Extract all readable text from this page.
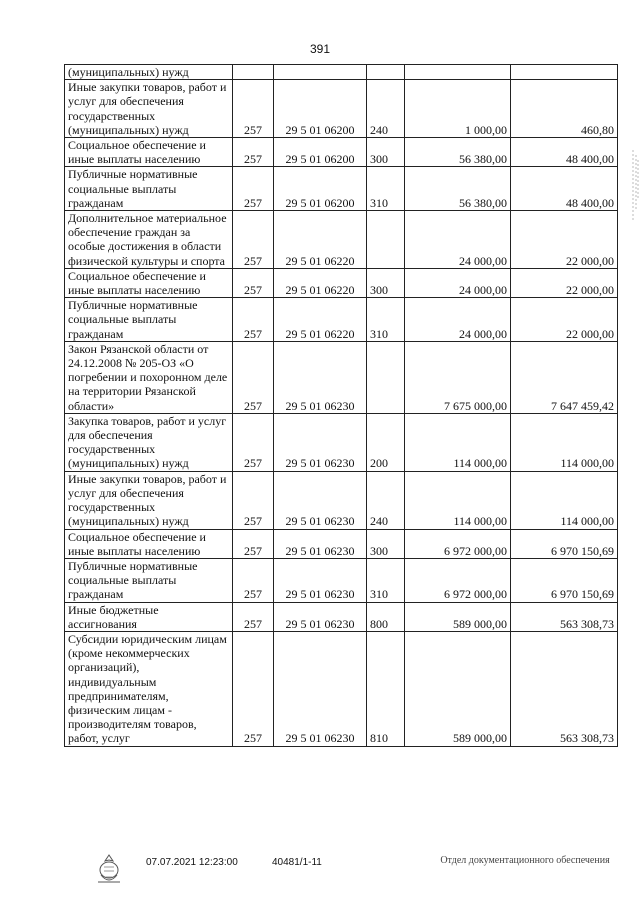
391
(муниципальных) нужд					
Иные закупки товаров, работ и услуг для обеспечения государственных (муниципальных) нужд	257	29 5 01 06200	240	1 000,00	460,80
Социальное обеспечение и иные выплаты населению	257	29 5 01 06200	300	56 380,00	48 400,00
Публичные нормативные социальные выплаты гражданам	257	29 5 01 06200	310	56 380,00	48 400,00
Дополнительное материальное обеспечение граждан за особые достижения в области физической культуры и спорта	257	29 5 01 06220		24 000,00	22 000,00
Социальное обеспечение и иные выплаты населению	257	29 5 01 06220	300	24 000,00	22 000,00
Публичные нормативные социальные выплаты гражданам	257	29 5 01 06220	310	24 000,00	22 000,00
Закон Рязанской области от 24.12.2008 № 205-ОЗ «О погребении и похоронном деле на территории Рязанской области»	257	29 5 01 06230		7 675 000,00	7 647 459,42
Закупка товаров, работ и услуг для обеспечения государственных (муниципальных) нужд	257	29 5 01 06230	200	114 000,00	114 000,00
Иные закупки товаров, работ и услуг для обеспечения государственных (муниципальных) нужд	257	29 5 01 06230	240	114 000,00	114 000,00
Социальное обеспечение и иные выплаты населению	257	29 5 01 06230	300	6 972 000,00	6 970 150,69
Публичные нормативные социальные выплаты гражданам	257	29 5 01 06230	310	6 972 000,00	6 970 150,69
Иные бюджетные ассигнования	257	29 5 01 06230	800	589 000,00	563 308,73
Субсидии юридическим лицам (кроме некоммерческих организаций), индивидуальным предпринимателям, физическим лицам - производителям товаров, работ, услуг	257	29 5 01 06230	810	589 000,00	563 308,73
07.07.2021 12:23:00	40481/1-11	Отдел документационного обеспечения
